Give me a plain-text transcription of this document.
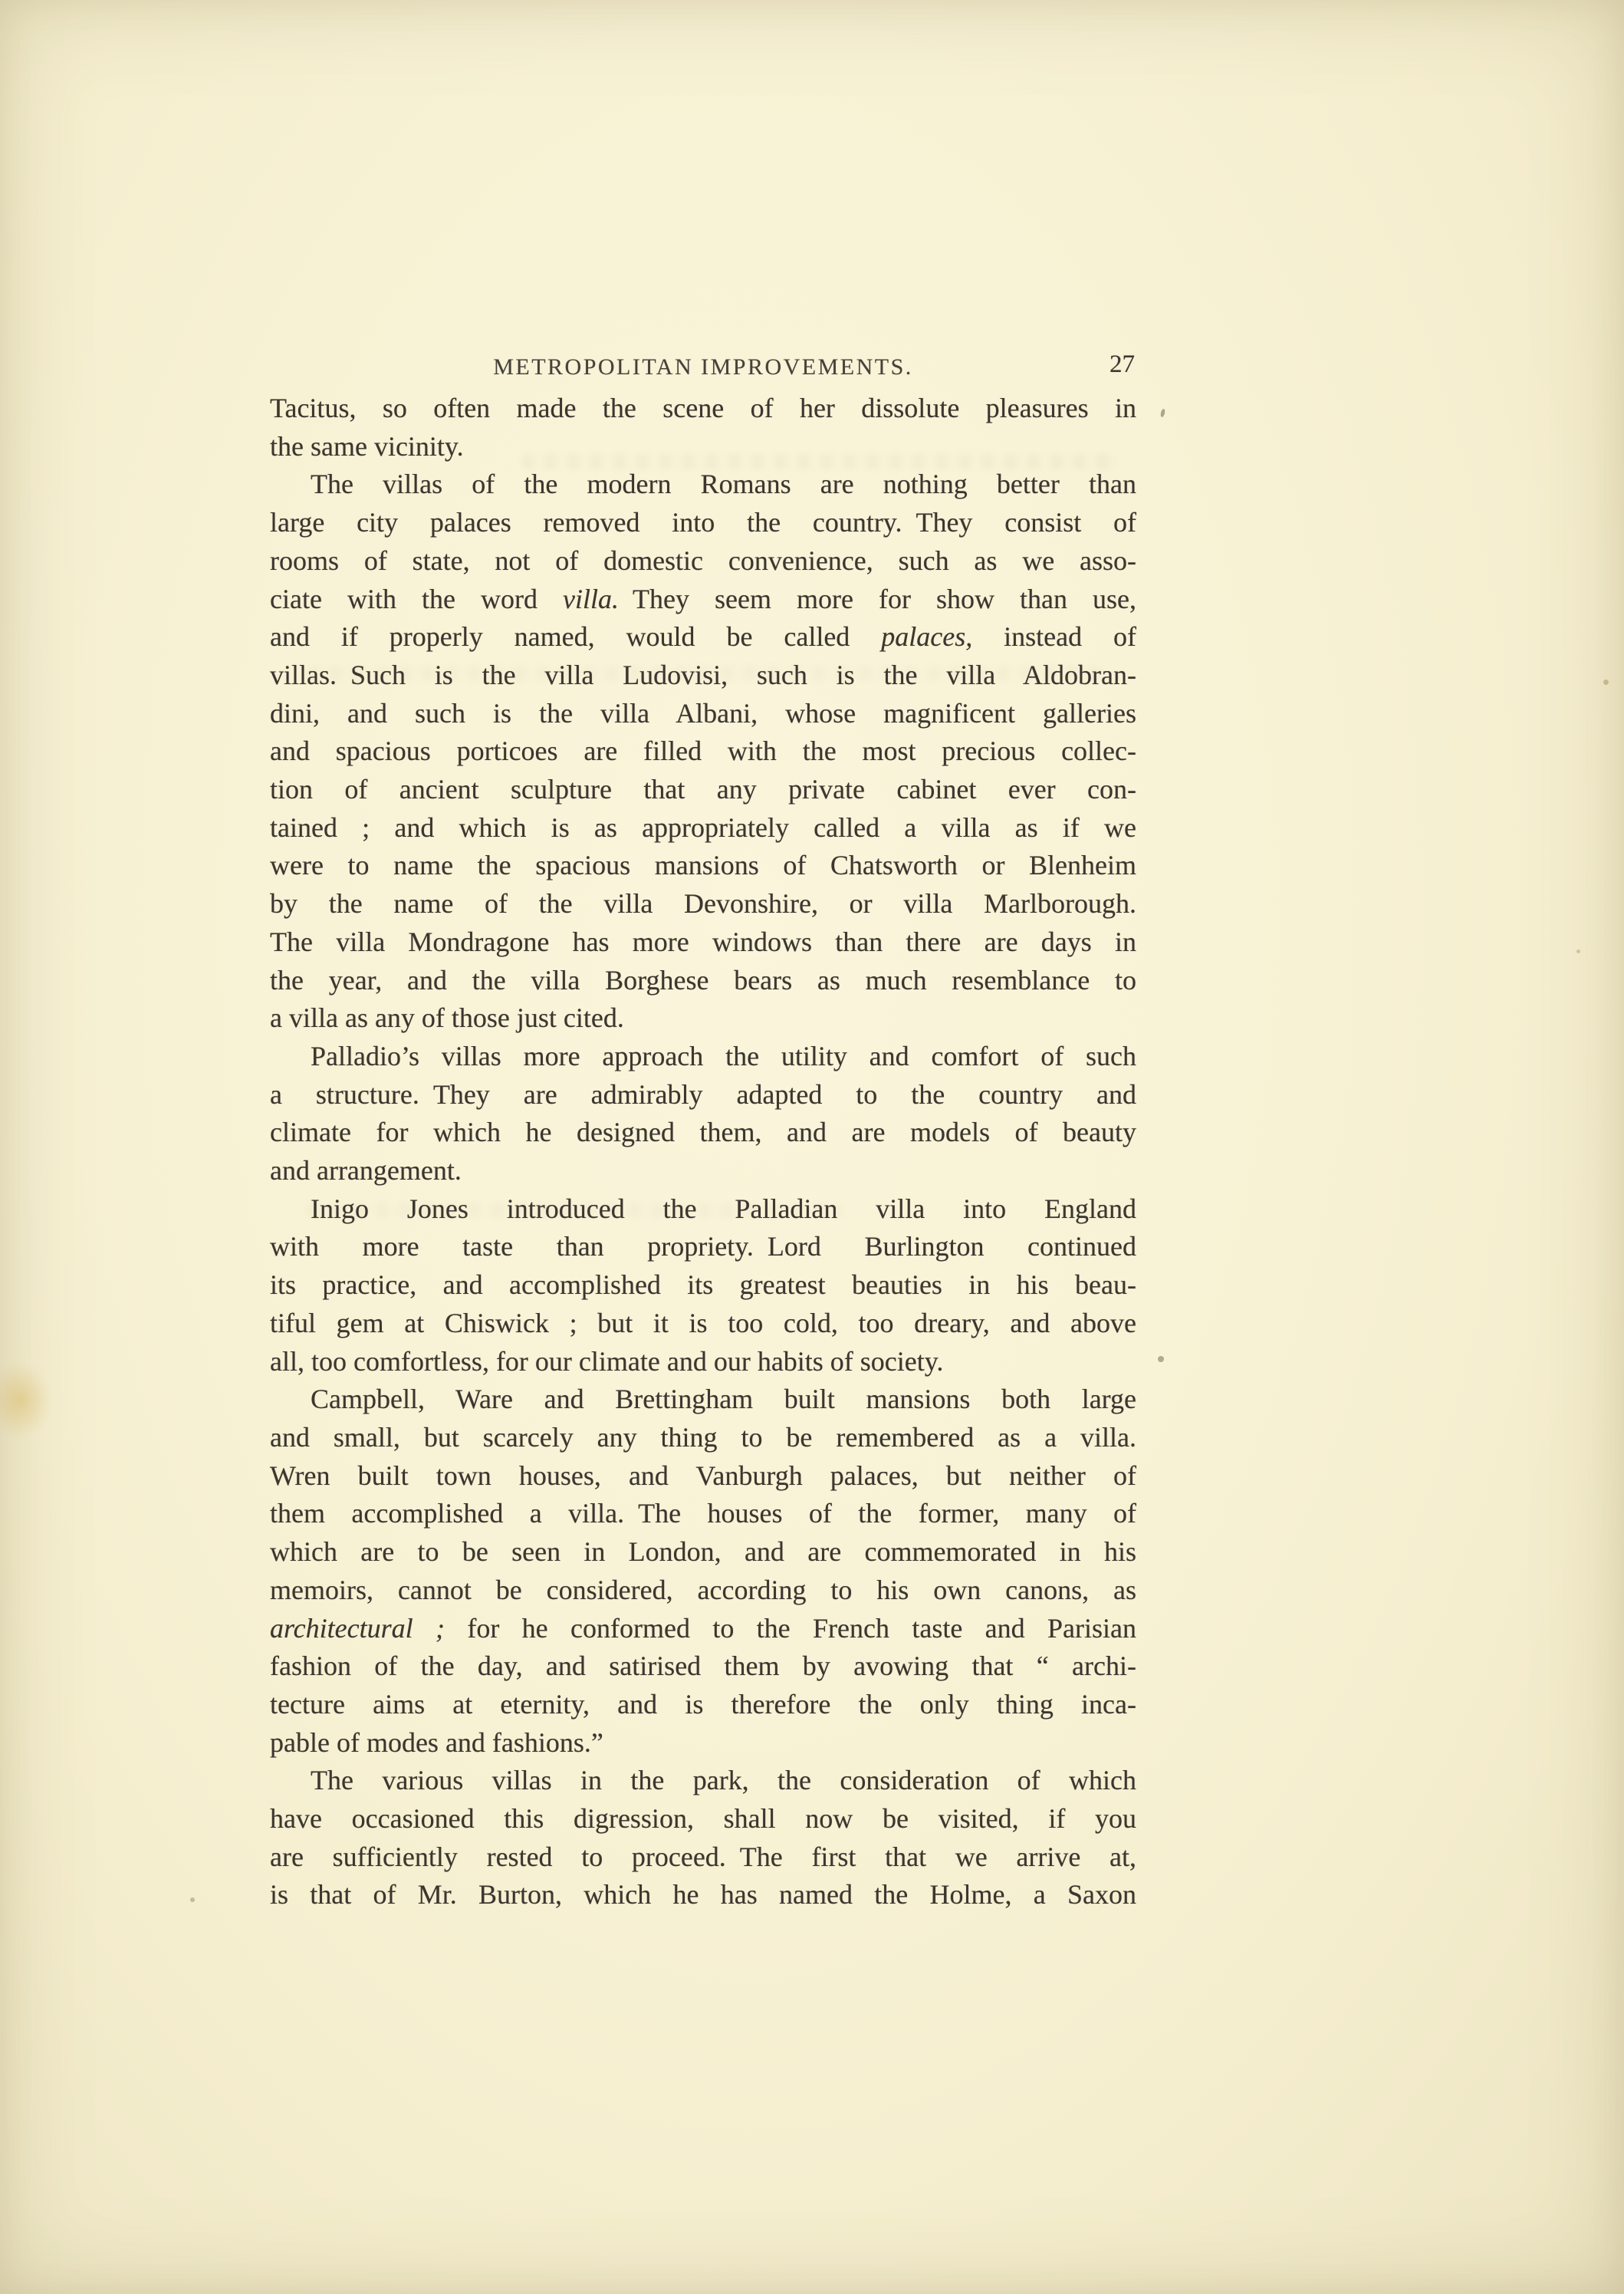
METROPOLITAN IMPROVEMENTS.	27
Tacitus, so often made the scene of her dissolute pleasures in
the same vicinity.
The villas of the modern Romans are nothing better than
large city palaces removed into the country. They consist of
rooms of state, not of domestic convenience, such as we asso-
ciate with the word villa. They seem more for show than use,
and if properly named, would be called palaces, instead of
villas. Such is the villa Ludovisi, such is the villa Aldobran-
dini, and such is the villa Albani, whose magnificent galleries
and spacious porticoes are filled with the most precious collec-
tion of ancient sculpture that any private cabinet ever con-
tained ; and which is as appropriately called a villa as if we
were to name the spacious mansions of Chatsworth or Blenheim
by the name of the villa Devonshire, or villa Marlborough.
The villa Mondragone has more windows than there are days in
the year, and the villa Borghese bears as much resemblance to
a villa as any of those just cited.
Palladio’s villas more approach the utility and comfort of such
a structure. They are admirably adapted to the country and
climate for which he designed them, and are models of beauty
and arrangement.
Inigo Jones introduced the Palladian villa into England
with more taste than propriety. Lord Burlington continued
its practice, and accomplished its greatest beauties in his beau-
tiful gem at Chiswick ; but it is too cold, too dreary, and above
all, too comfortless, for our climate and our habits of society.
Campbell, Ware and Brettingham built mansions both large
and small, but scarcely any thing to be remembered as a villa.
Wren built town houses, and Vanburgh palaces, but neither of
them accomplished a villa. The houses of the former, many of
which are to be seen in London, and are commemorated in his
memoirs, cannot be considered, according to his own canons, as
architectural ; for he conformed to the French taste and Parisian
fashion of the day, and satirised them by avowing that “ archi-
tecture aims at eternity, and is therefore the only thing inca-
pable of modes and fashions.”
The various villas in the park, the consideration of which
have occasioned this digression, shall now be visited, if you
are sufficiently rested to proceed. The first that we arrive at,
is that of Mr. Burton, which he has named the Holme, a Saxon
